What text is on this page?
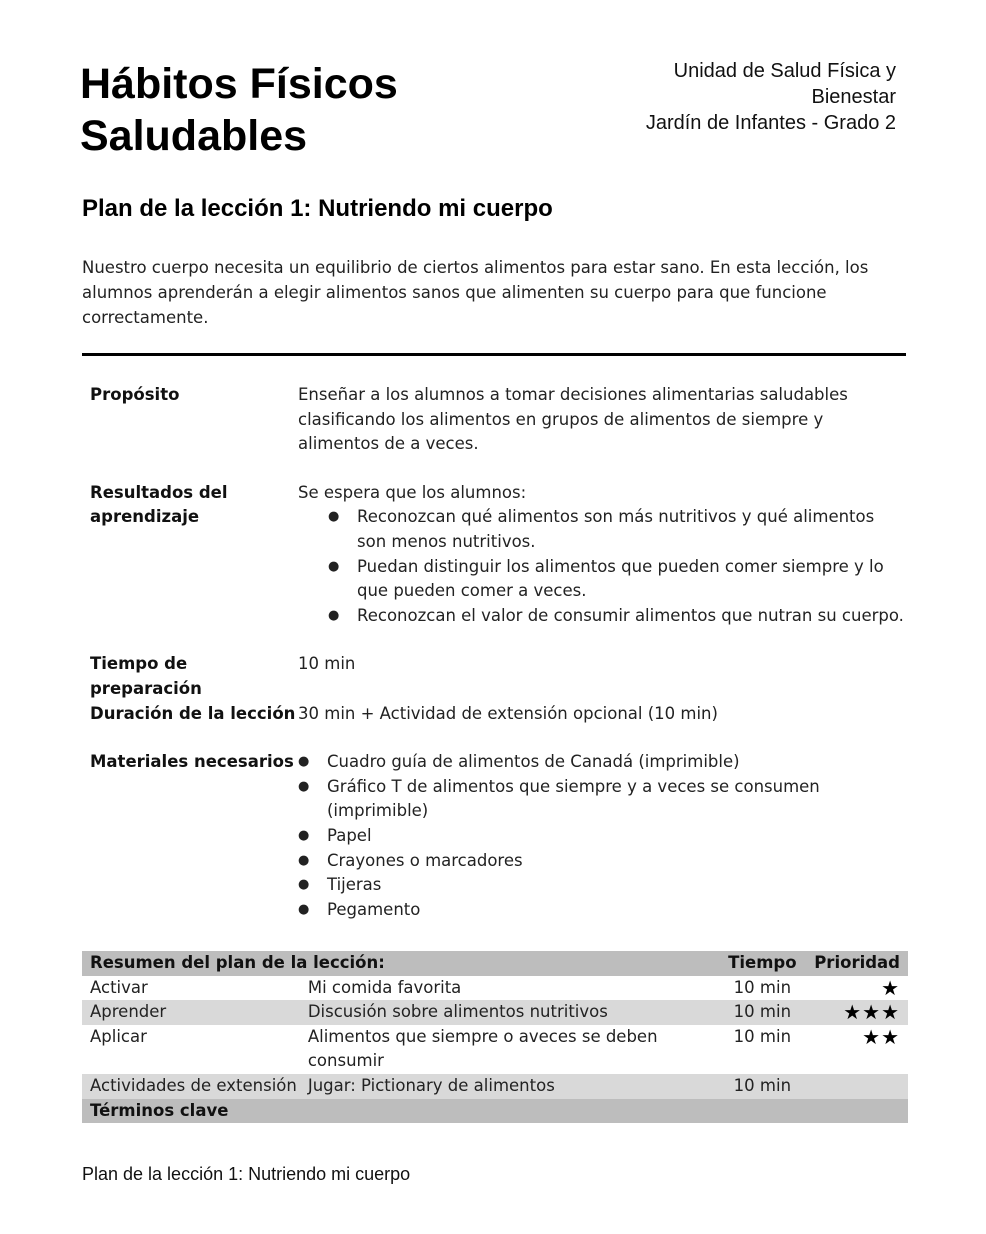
Hábitos Físicos
Saludables
Unidad de Salud Física y
Bienestar
Jardín de Infantes - Grado 2
Plan de la lección 1: Nutriendo mi cuerpo

Nuestro cuerpo necesita un equilibrio de ciertos alimentos para estar sano. En esta lección, los alumnos aprenderán a elegir alimentos sanos que alimenten su cuerpo para que funcione correctamente.

Propósito	Enseñar a los alumnos a tomar decisiones alimentarias saludables clasificando los alimentos en grupos de alimentos de siempre y alimentos de a veces.
Resultados del aprendizaje
Se espera que los alumnos:
● Reconozcan qué alimentos son más nutritivos y qué alimentos son menos nutritivos.
● Puedan distinguir los alimentos que pueden comer siempre y lo que pueden comer a veces.
● Reconozcan el valor de consumir alimentos que nutran su cuerpo.
Tiempo de preparación
10 min
Duración de la lección 30 min + Actividad de extensión opcional (10 min)
Materiales necesarios
●	Cuadro guía de alimentos de Canadá (imprimible)
● Gráfico T de alimentos que siempre y a veces se consumen (imprimible)
● Papel
● Crayones o marcadores
● Tijeras
● Pegamento
Resumen del plan de la lección:	Tiempo	Prioridad
Activar	Mi comida favorita	10 min	★
Aprender	Discusión sobre alimentos nutritivos	10 min	★★★
Aplicar	Alimentos que siempre o aveces se deben consumir
10 min	★★
Actividades de extensión Jugar: Pictionary de alimentos	10 min
Términos clave

Plan de la lección 1: Nutriendo mi cuerpo
